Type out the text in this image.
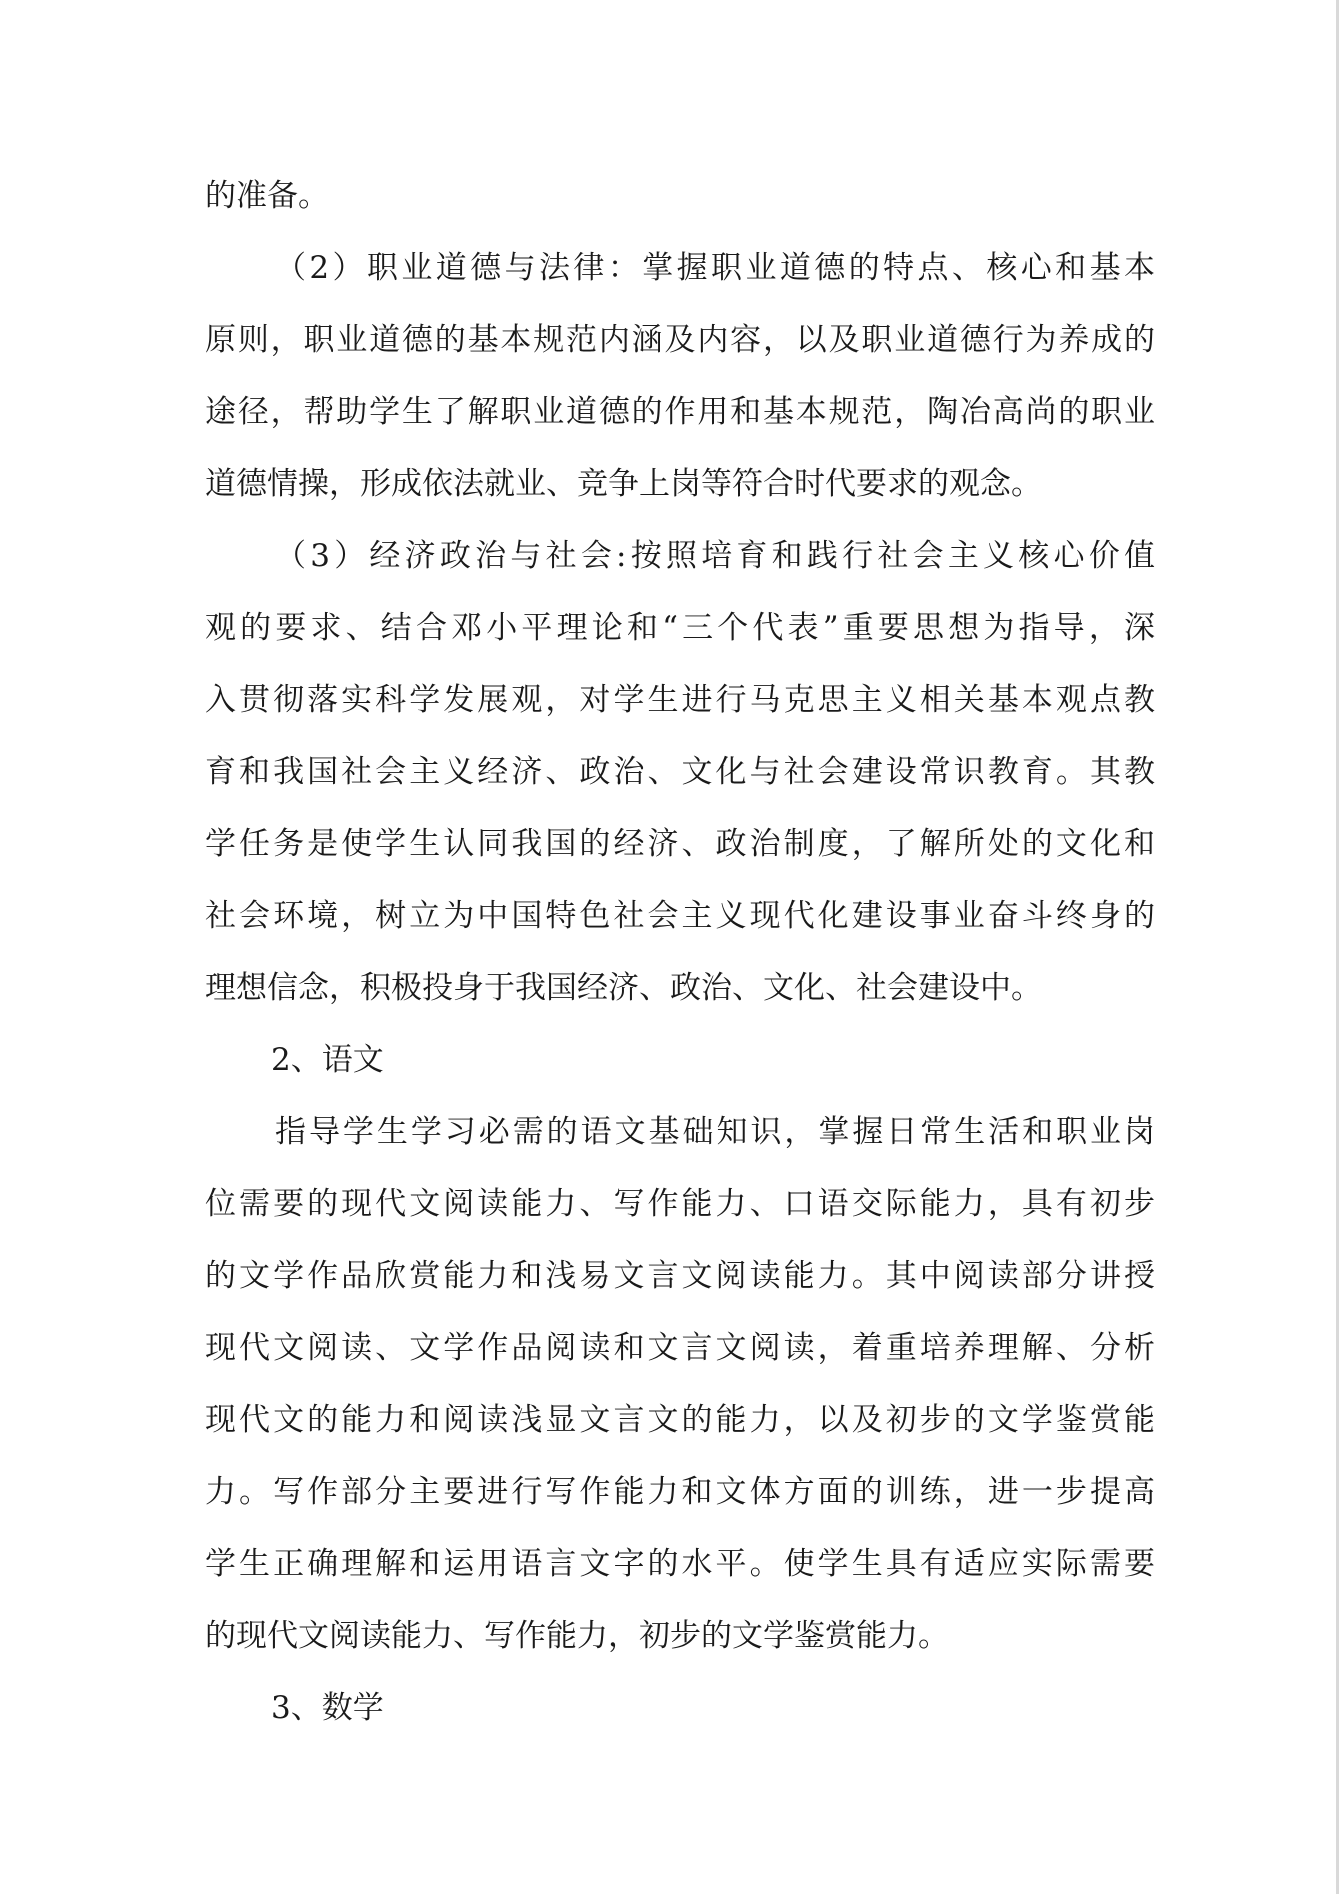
的准备。
（2）职业道德与法律：掌握职业道德的特点、核心和基本
原则，职业道德的基本规范内涵及内容，以及职业道德行为养成的
途径，帮助学生了解职业道德的作用和基本规范，陶冶高尚的职业
道德情操，形成依法就业、竞争上岗等符合时代要求的观念。
（3）经济政治与社会:按照培育和践行社会主义核心价值
观的要求、结合邓小平理论和“三个代表”重要思想为指导，深
入贯彻落实科学发展观，对学生进行马克思主义相关基本观点教
育和我国社会主义经济、政治、文化与社会建设常识教育。其教
学任务是使学生认同我国的经济、政治制度，了解所处的文化和
社会环境，树立为中国特色社会主义现代化建设事业奋斗终身的
理想信念，积极投身于我国经济、政治、文化、社会建设中。
2、语文
指导学生学习必需的语文基础知识，掌握日常生活和职业岗
位需要的现代文阅读能力、写作能力、口语交际能力，具有初步
的文学作品欣赏能力和浅易文言文阅读能力。其中阅读部分讲授
现代文阅读、文学作品阅读和文言文阅读，着重培养理解、分析
现代文的能力和阅读浅显文言文的能力，以及初步的文学鉴赏能
力。写作部分主要进行写作能力和文体方面的训练，进一步提高
学生正确理解和运用语言文字的水平。使学生具有适应实际需要
的现代文阅读能力、写作能力，初步的文学鉴赏能力。
3、数学
